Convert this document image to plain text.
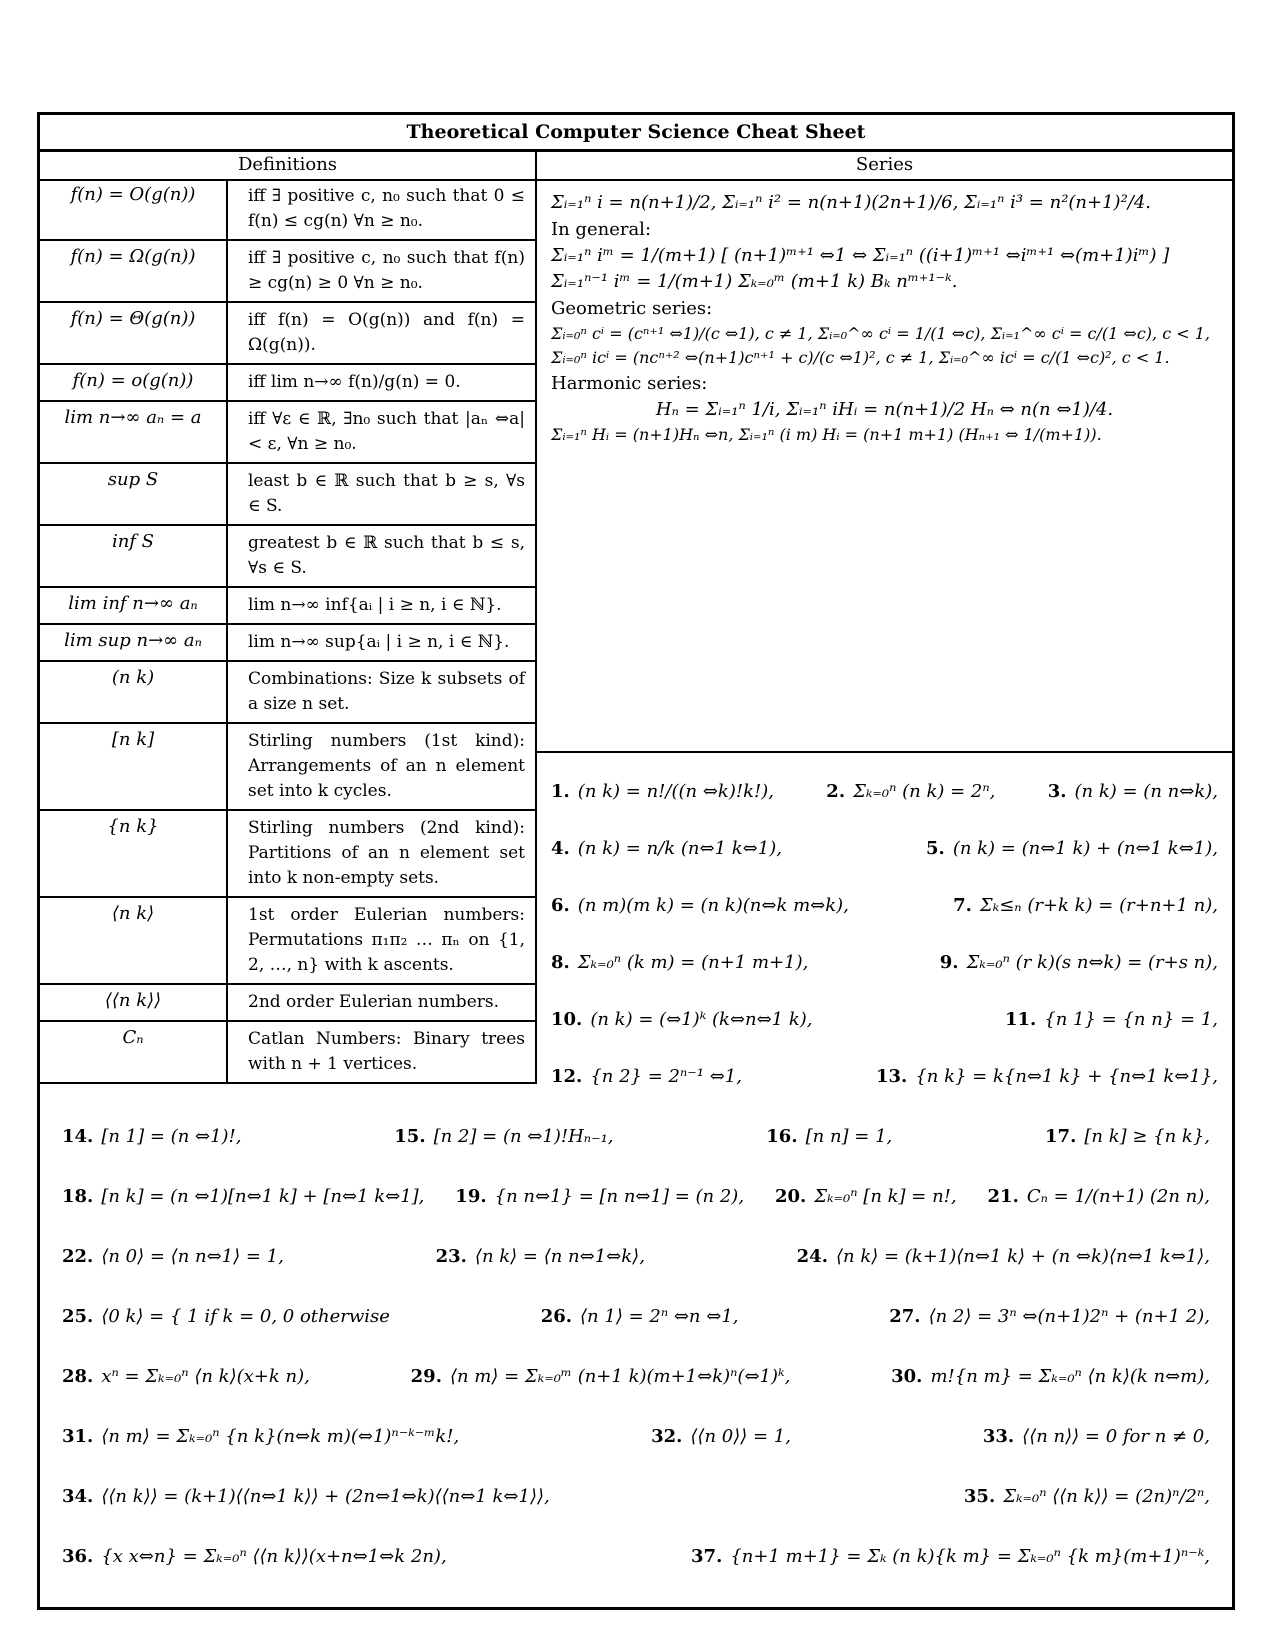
Theoretical Computer Science Cheat Sheet
Definitions	Series
f(n) = O(g(n))	iff ∃ positive c, n₀ such that 0 ≤ f(n) ≤ cg(n) ∀n ≥ n₀.
f(n) = Ω(g(n))	iff ∃ positive c, n₀ such that f(n) ≥ cg(n) ≥ 0 ∀n ≥ n₀.
f(n) = Θ(g(n))	iff f(n) = O(g(n)) and f(n) = Ω(g(n)).
f(n) = o(g(n))	iff lim n→∞ f(n)/g(n) = 0.
lim n→∞ aₙ = a	iff ∀ε ∈ ℝ, ∃n₀ such that |aₙ ⇔a| < ε, ∀n ≥ n₀.
sup S	least b ∈ ℝ such that b ≥ s, ∀s ∈ S.
inf S	greatest b ∈ ℝ such that b ≤ s, ∀s ∈ S.
lim inf n→∞ aₙ	lim n→∞ inf{aᵢ | i ≥ n, i ∈ ℕ}.
lim sup n→∞ aₙ	lim n→∞ sup{aᵢ | i ≥ n, i ∈ ℕ}.
(n k)	Combinations: Size k subsets of a size n set.
[n k]	Stirling numbers (1st kind): Arrangements of an n element set into k cycles.
{n k}	Stirling numbers (2nd kind): Partitions of an n element set into k non-empty sets.
⟨n k⟩	1st order Eulerian numbers: Permutations π₁π₂ … πₙ on {1, 2, …, n} with k ascents.
⟨⟨n k⟩⟩	2nd order Eulerian numbers.
Cₙ	Catlan Numbers: Binary trees with n + 1 vertices.
Σᵢ₌₁ⁿ i = n(n+1)/2, Σᵢ₌₁ⁿ i² = n(n+1)(2n+1)/6, Σᵢ₌₁ⁿ i³ = n²(n+1)²/4.
In general:
Σᵢ₌₁ⁿ iᵐ = 1/(m+1) [ (n+1)ᵐ⁺¹ ⇔1 ⇔ Σᵢ₌₁ⁿ ((i+1)ᵐ⁺¹ ⇔iᵐ⁺¹ ⇔(m+1)iᵐ) ]
Σᵢ₌₁ⁿ⁻¹ iᵐ = 1/(m+1) Σₖ₌₀ᵐ (m+1 k) Bₖ nᵐ⁺¹⁻ᵏ.
Geometric series:
Σᵢ₌₀ⁿ cⁱ = (cⁿ⁺¹ ⇔1)/(c ⇔1), c ≠ 1, Σᵢ₌₀^∞ cⁱ = 1/(1 ⇔c), Σᵢ₌₁^∞ cⁱ = c/(1 ⇔c), c < 1,
Σᵢ₌₀ⁿ icⁱ = (ncⁿ⁺² ⇔(n+1)cⁿ⁺¹ + c)/(c ⇔1)², c ≠ 1, Σᵢ₌₀^∞ icⁱ = c/(1 ⇔c)², c < 1.
Harmonic series:
Hₙ = Σᵢ₌₁ⁿ 1/i, Σᵢ₌₁ⁿ iHᵢ = n(n+1)/2 Hₙ ⇔ n(n ⇔1)/4.
Σᵢ₌₁ⁿ Hᵢ = (n+1)Hₙ ⇔n, Σᵢ₌₁ⁿ (i m) Hᵢ = (n+1 m+1) (Hₙ₊₁ ⇔ 1/(m+1)).
1. (n k) = n!/((n ⇔k)!k!),	2. Σₖ₌₀ⁿ (n k) = 2ⁿ,	3. (n k) = (n n⇔k),
4. (n k) = n/k (n⇔1 k⇔1),	5. (n k) = (n⇔1 k) + (n⇔1 k⇔1),
6. (n m)(m k) = (n k)(n⇔k m⇔k),	7. Σₖ≤ₙ (r+k k) = (r+n+1 n),
8. Σₖ₌₀ⁿ (k m) = (n+1 m+1),	9. Σₖ₌₀ⁿ (r k)(s n⇔k) = (r+s n),
10. (n k) = (⇔1)ᵏ (k⇔n⇔1 k),	11. {n 1} = {n n} = 1,
12. {n 2} = 2ⁿ⁻¹ ⇔1,	13. {n k} = k{n⇔1 k} + {n⇔1 k⇔1},
14. [n 1] = (n ⇔1)!,	15. [n 2] = (n ⇔1)!Hₙ₋₁,	16. [n n] = 1,	17. [n k] ≥ {n k},
18. [n k] = (n ⇔1)[n⇔1 k] + [n⇔1 k⇔1], 19. {n n⇔1} = [n n⇔1] = (n 2), 20. Σₖ₌₀ⁿ [n k] = n!, 21. Cₙ = 1/(n+1) (2n n),
22. ⟨n 0⟩ = ⟨n n⇔1⟩ = 1,	23. ⟨n k⟩ = ⟨n n⇔1⇔k⟩,	24. ⟨n k⟩ = (k+1)⟨n⇔1 k⟩ + (n ⇔k)⟨n⇔1 k⇔1⟩,
25. ⟨0 k⟩ = { 1 if k = 0, 0 otherwise	26. ⟨n 1⟩ = 2ⁿ ⇔n ⇔1,	27. ⟨n 2⟩ = 3ⁿ ⇔(n+1)2ⁿ + (n+1 2),
28. xⁿ = Σₖ₌₀ⁿ ⟨n k⟩(x+k n),	29. ⟨n m⟩ = Σₖ₌₀ᵐ (n+1 k)(m+1⇔k)ⁿ(⇔1)ᵏ,	30. m!{n m} = Σₖ₌₀ⁿ ⟨n k⟩(k n⇔m),
31. ⟨n m⟩ = Σₖ₌₀ⁿ {n k}(n⇔k m)(⇔1)ⁿ⁻ᵏ⁻ᵐk!,	32. ⟨⟨n 0⟩⟩ = 1,	33. ⟨⟨n n⟩⟩ = 0 for n ≠ 0,
34. ⟨⟨n k⟩⟩ = (k+1)⟨⟨n⇔1 k⟩⟩ + (2n⇔1⇔k)⟨⟨n⇔1 k⇔1⟩⟩,	35. Σₖ₌₀ⁿ ⟨⟨n k⟩⟩ = (2n)ⁿ/2ⁿ,
36. {x x⇔n} = Σₖ₌₀ⁿ ⟨⟨n k⟩⟩(x+n⇔1⇔k 2n),	37. {n+1 m+1} = Σₖ (n k){k m} = Σₖ₌₀ⁿ {k m}(m+1)ⁿ⁻ᵏ,
